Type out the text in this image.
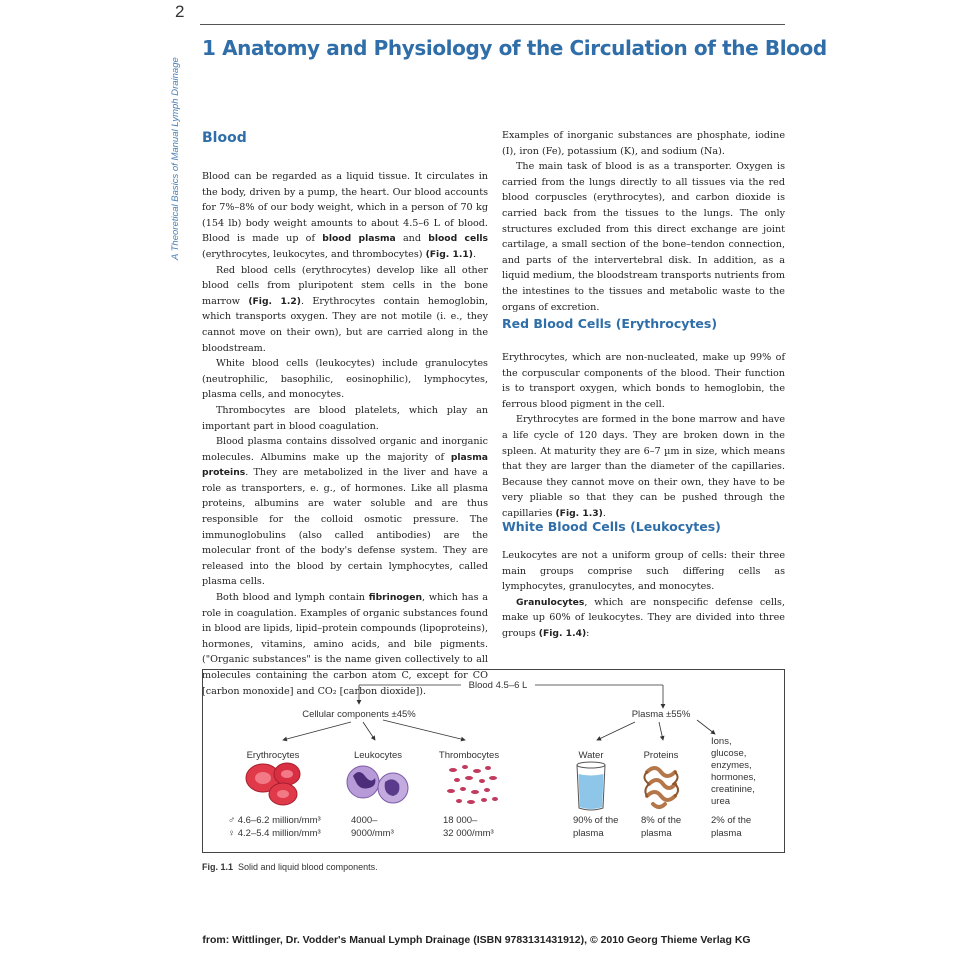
2
A Theoretical Basics of Manual Lymph Drainage
1 Anatomy and Physiology of the Circulation of the Blood
Blood

Blood can be regarded as a liquid tissue. It circulates in the body, driven by a pump, the heart. Our blood accounts for 7%–8% of our body weight, which in a person of 70 kg (154 lb) body weight amounts to about 4.5–6 L of blood. Blood is made up of blood plasma and blood cells (erythrocytes, leukocytes, and thrombocytes) (Fig. 1.1).

Red blood cells (erythrocytes) develop like all other blood cells from pluripotent stem cells in the bone marrow (Fig. 1.2). Erythrocytes contain hemoglobin, which transports oxygen. They are not motile (i. e., they cannot move on their own), but are carried along in the bloodstream.

White blood cells (leukocytes) include granulocytes (neutrophilic, basophilic, eosinophilic), lymphocytes, plasma cells, and monocytes.

Thrombocytes are blood platelets, which play an important part in blood coagulation.

Blood plasma contains dissolved organic and inorganic molecules. Albumins make up the majority of plasma proteins. They are metabolized in the liver and have a role as transporters, e. g., of hormones. Like all plasma proteins, albumins are water soluble and are thus responsible for the colloid osmotic pressure. The immunoglobulins (also called antibodies) are the molecular front of the body's defense system. They are released into the blood by certain lymphocytes, called plasma cells.

Both blood and lymph contain fibrinogen, which has a role in coagulation. Examples of organic substances found in blood are lipids, lipid–protein compounds (lipoproteins), hormones, vitamins, amino acids, and bile pigments. ("Organic substances" is the name given collectively to all molecules containing the carbon atom C, except for CO [carbon monoxide] and CO₂ [carbon dioxide]).

Examples of inorganic substances are phosphate, iodine (I), iron (Fe), potassium (K), and sodium (Na).

The main task of blood is as a transporter. Oxygen is carried from the lungs directly to all tissues via the red blood corpuscles (erythrocytes), and carbon dioxide is carried back from the tissues to the lungs. The only structures excluded from this direct exchange are joint cartilage, a small section of the bone–tendon connection, and parts of the intervertebral disk. In addition, as a liquid medium, the bloodstream transports nutrients from the intestines to the tissues and metabolic waste to the organs of excretion.

Red Blood Cells (Erythrocytes)

Erythrocytes, which are non-nucleated, make up 99% of the corpuscular components of the blood. Their function is to transport oxygen, which bonds to hemoglobin, the ferrous blood pigment in the cell.

Erythrocytes are formed in the bone marrow and have a life cycle of 120 days. They are broken down in the spleen. At maturity they are 6–7 µm in size, which means that they are larger than the diameter of the capillaries. Because they cannot move on their own, they have to be very pliable so that they can be pushed through the capillaries (Fig. 1.3).

White Blood Cells (Leukocytes)

Leukocytes are not a uniform group of cells: their three main groups comprise such differing cells as lymphocytes, granulocytes, and monocytes.

Granulocytes, which are nonspecific defense cells, make up 60% of leukocytes. They are divided into three groups (Fig. 1.4):

Blood 4.5–6 L
Cellular components ±45%	Plasma ±55%
Erythrocytes	Leukocytes	Thrombocytes	Water	Proteins
Ions,
glucose,
enzymes,
hormones,
creatinine,
urea
♂ 4.6–6.2 million/mm³
♀ 4.2–5.4 million/mm³
4000–
9000/mm³
18 000–
32 000/mm³
90% of the
plasma
8% of the
plasma
2% of the
plasma
Fig. 1.1 Solid and liquid blood components.
from: Wittlinger, Dr. Vodder's Manual Lymph Drainage (ISBN 9783131431912), © 2010 Georg Thieme Verlag KG
